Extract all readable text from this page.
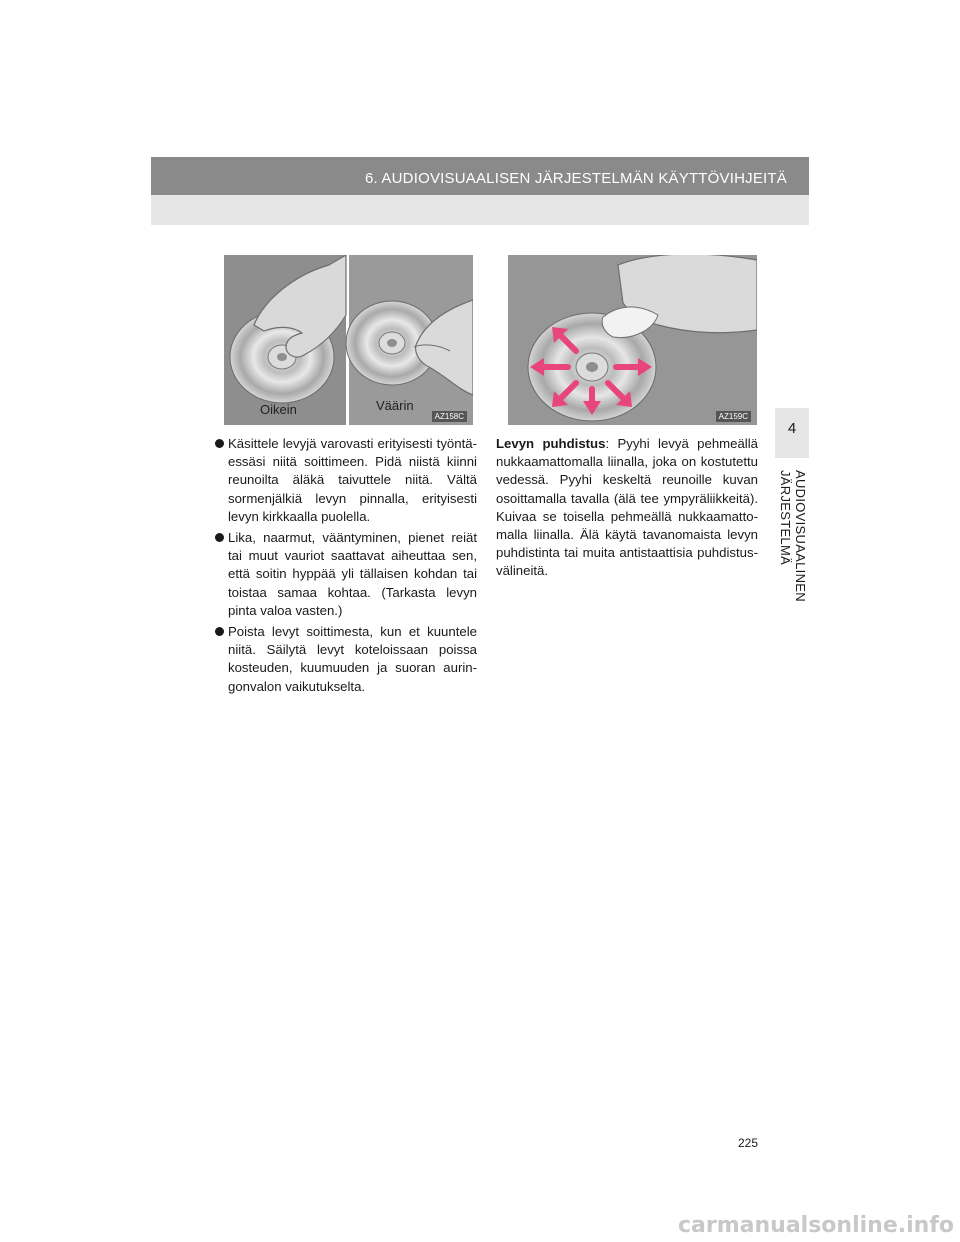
6. AUDIOVISUAALISEN JÄRJESTELMÄN KÄYTTÖVIHJEITÄ
4
AUDIOVISUAALINEN JÄRJESTELMÄ
Oikein	Väärin
AZ158C	AZ159C
Käsittele levyjä varovasti erityisesti työntä-essäsi niitä soittimeen. Pidä niistä kiinni reunoilta äläkä taivuttele niitä. Vältä sormenjälkiä levyn pinnalla, erityisesti levyn kirkkaalla puolella.
Lika, naarmut, vääntyminen, pienet reiät tai muut vauriot saattavat aiheuttaa sen, että soitin hyppää yli tällaisen kohdan tai toistaa samaa kohtaa. (Tarkasta levyn pinta valoa vasten.)
Poista levyt soittimesta, kun et kuuntele niitä. Säilytä levyt koteloissaan poissa kosteuden, kuumuuden ja suoran aurin-gonvalon vaikutukselta.
Levyn puhdistus: Pyyhi levyä pehmeällä nukkaamattomalla liinalla, joka on kostutettu vedessä. Pyyhi keskeltä reunoille kuvan osoittamalla tavalla (älä tee ympyräliikkeitä). Kuivaa se toisella pehmeällä nukkaamatto-malla liinalla. Älä käytä tavanomaista levyn puhdistinta tai muita antistaattisia puhdistus-välineitä.
225
carmanualsonline.info
